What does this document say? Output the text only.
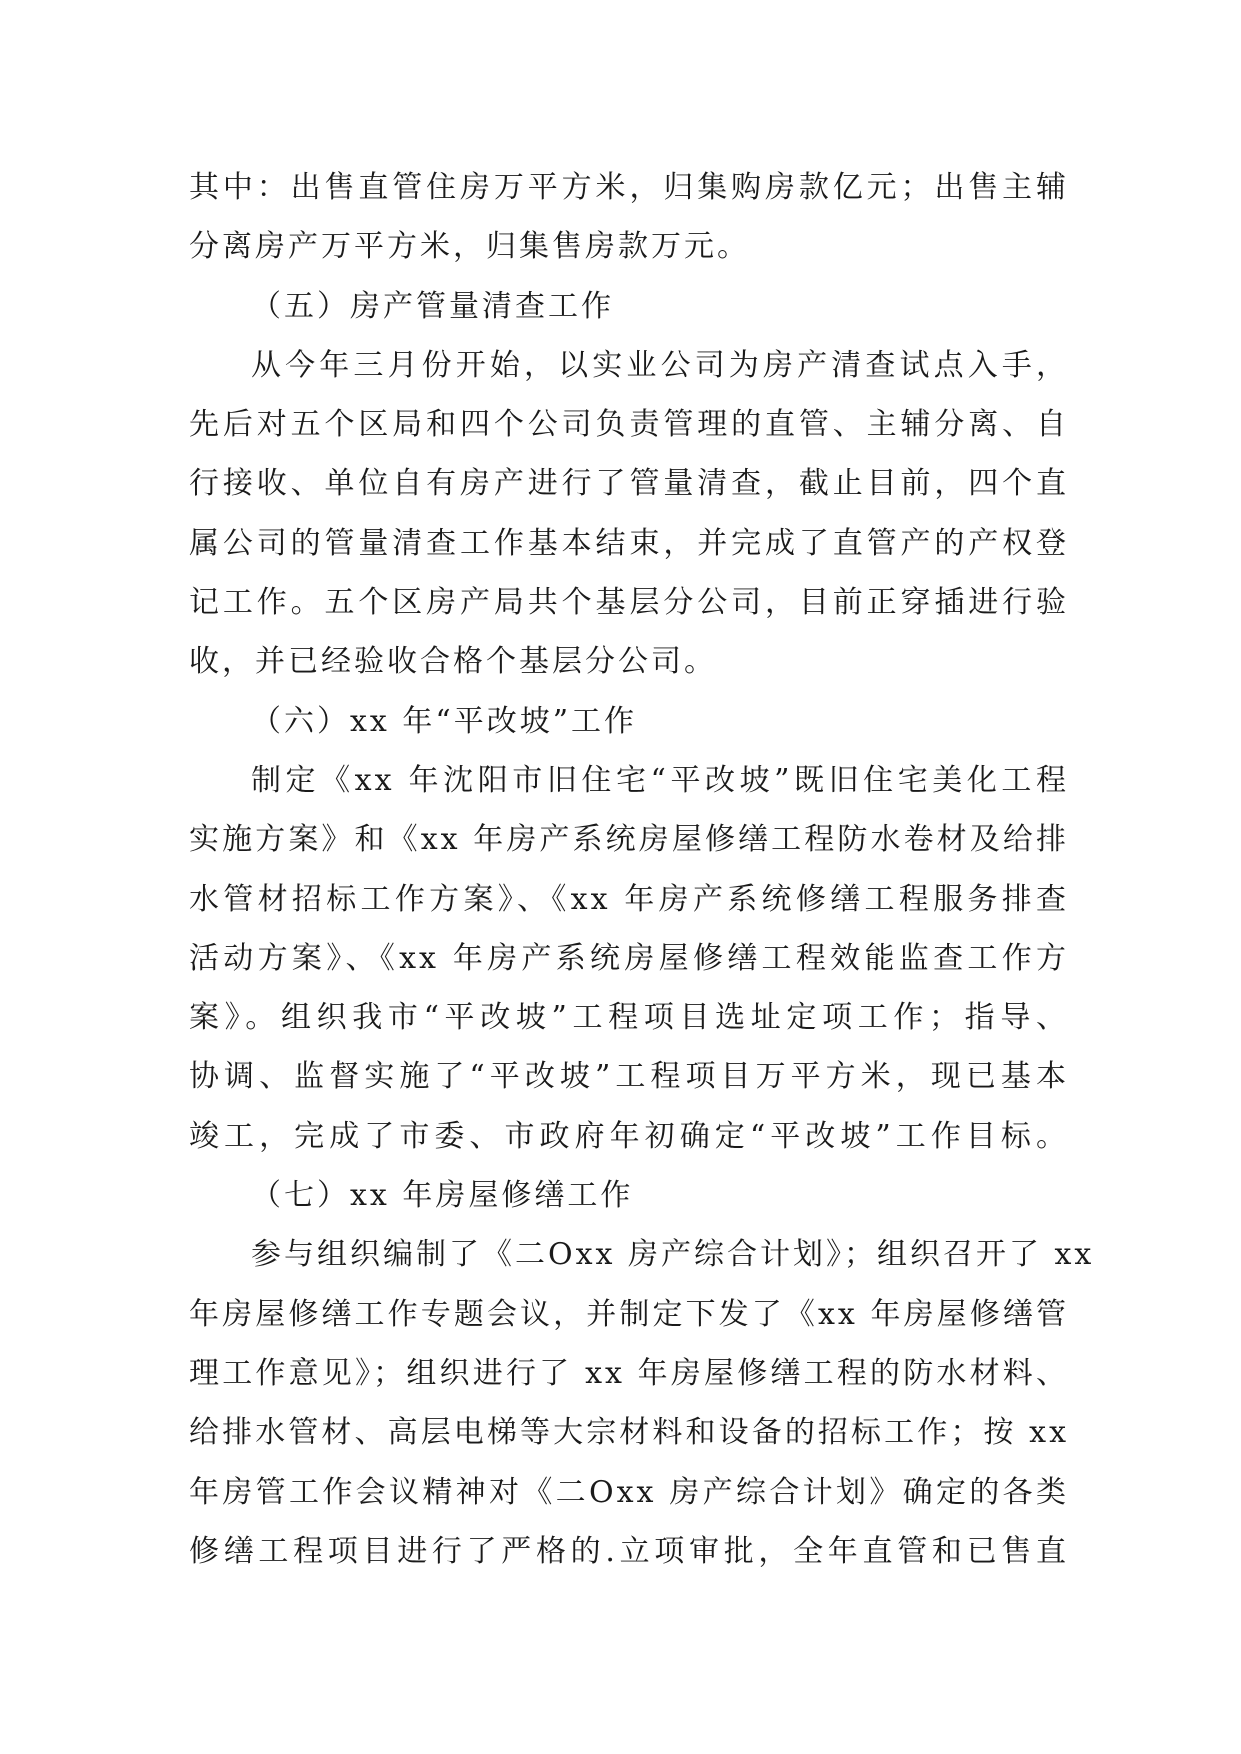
其中：出售直管住房万平方米，归集购房款亿元；出售主辅
分离房产万平方米，归集售房款万元。
（五）房产管量清查工作
从今年三月份开始，以实业公司为房产清查试点入手，
先后对五个区局和四个公司负责管理的直管、主辅分离、自
行接收、单位自有房产进行了管量清查，截止目前，四个直
属公司的管量清查工作基本结束，并完成了直管产的产权登
记工作。五个区房产局共个基层分公司，目前正穿插进行验
收，并已经验收合格个基层分公司。
（六）xx 年“平改坡”工作
制定《xx 年沈阳市旧住宅“平改坡”既旧住宅美化工程
实施方案》和《xx 年房产系统房屋修缮工程防水卷材及给排
水管材招标工作方案》、《xx 年房产系统修缮工程服务排查
活动方案》、《xx 年房产系统房屋修缮工程效能监查工作方
案》。组织我市“平改坡”工程项目选址定项工作；指导、
协调、监督实施了“平改坡”工程项目万平方米，现已基本
竣工，完成了市委、市政府年初确定“平改坡”工作目标。
（七）xx 年房屋修缮工作
参与组织编制了《二Оxx 房产综合计划》；组织召开了 xx
年房屋修缮工作专题会议，并制定下发了《xx 年房屋修缮管
理工作意见》；组织进行了 xx 年房屋修缮工程的防水材料、
给排水管材、高层电梯等大宗材料和设备的招标工作；按 xx
年房管工作会议精神对《二Оxx 房产综合计划》确定的各类
修缮工程项目进行了严格的.立项审批，全年直管和已售直
